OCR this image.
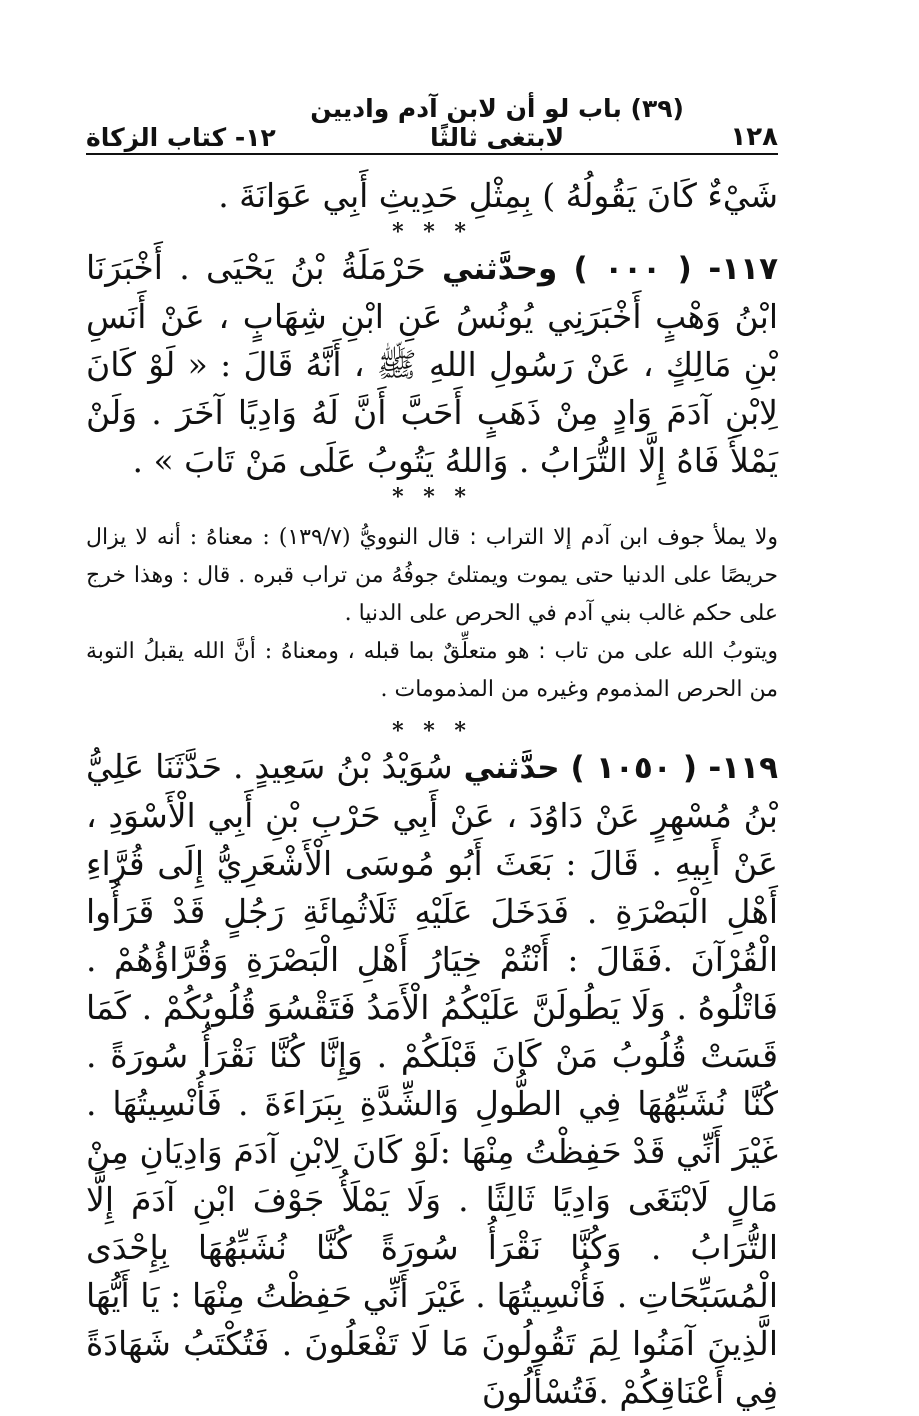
١٢٨
(٣٩) باب لو أن لابن آدم واديين لابتغى ثالثًا
١٢- كتاب الزكاة

شَيْءٌ كَانَ يَقُولُهُ ) بِمِثْلِ حَدِيثِ أَبِي عَوَانَةَ .

* * *

١١٧- ( ٠٠٠ ) وحدَّثني حَرْمَلَةُ بْنُ يَحْيَى . أَخْبَرَنَا ابْنُ وَهْبٍ أَخْبَرَنِي يُونُسُ عَنِ ابْنِ شِهَابٍ ، عَنْ أَنَسِ بْنِ مَالِكٍ ، عَنْ رَسُولِ اللهِ ﷺ ، أَنَّهُ قَالَ : « لَوْ كَانَ لِابْنِ آدَمَ وَادٍ مِنْ ذَهَبٍ أَحَبَّ أَنَّ لَهُ وَادِيًا آخَرَ . وَلَنْ يَمْلأَ فَاهُ إِلَّا التُّرَابُ . وَاللهُ يَتُوبُ عَلَى مَنْ تَابَ » .

* * *

ولا يملأ جوف ابن آدم إلا التراب : قال النوويُّ (١٣٩/٧) : معناهُ : أنه لا يزال حريصًا على الدنيا حتى يموت ويمتلئ جوفُهُ من تراب قبره . قال : وهذا خرج على حكم غالب بني آدم في الحرص على الدنيا .

ويتوبُ الله على من تاب : هو متعلِّقٌ بما قبله ، ومعناهُ : أنَّ الله يقبلُ التوبة من الحرص المذموم وغيره من المذمومات .

* * *

١١٩- ( ١٠٥٠ ) حدَّثني سُوَيْدُ بْنُ سَعِيدٍ . حَدَّثَنَا عَلِيُّ بْنُ مُسْهِرٍ عَنْ دَاوُدَ ، عَنْ أَبِي حَرْبِ بْنِ أَبِي الْأَسْوَدِ ، عَنْ أَبِيهِ . قَالَ : بَعَثَ أَبُو مُوسَى الْأَشْعَرِيُّ إِلَى قُرَّاءِ أَهْلِ الْبَصْرَةِ . فَدَخَلَ عَلَيْهِ ثَلَاثُمِائَةِ رَجُلٍ قَدْ قَرَأُوا الْقُرْآنَ .فَقَالَ : أَنْتُمْ خِيَارُ أَهْلِ الْبَصْرَةِ وَقُرَّاؤُهُمْ . فَاتْلُوهُ . وَلَا يَطُولَنَّ عَلَيْكُمُ الْأَمَدُ فَتَقْسُوَ قُلُوبُكُمْ . كَمَا قَسَتْ قُلُوبُ مَنْ كَانَ قَبْلَكُمْ . وَإِنَّا كُنَّا نَقْرَأُ سُورَةً . كُنَّا نُشَبِّهُهَا فِي الطُّولِ وَالشِّدَّةِ بِبَرَاءَةَ . فَأُنْسِيتُهَا . غَيْرَ أَنِّي قَدْ حَفِظْتُ مِنْهَا :لَوْ كَانَ لِابْنِ آدَمَ وَادِيَانِ مِنْ مَالٍ لَابْتَغَى وَادِيًا ثَالِثًا . وَلَا يَمْلَأُ جَوْفَ ابْنِ آدَمَ إِلَّا التُّرَابُ . وَكُنَّا نَقْرَأُ سُورَةً كُنَّا نُشَبِّهُهَا بِإِحْدَى الْمُسَبِّحَاتِ . فَأُنْسِيتُهَا . غَيْرَ أَنِّي حَفِظْتُ مِنْهَا : يَا أَيُّهَا الَّذِينَ آمَنُوا لِمَ تَقُولُونَ مَا لَا تَفْعَلُونَ . فَتُكْتَبُ شَهَادَةً فِي أَعْنَاقِكُمْ .فَتُسْأَلُونَ
